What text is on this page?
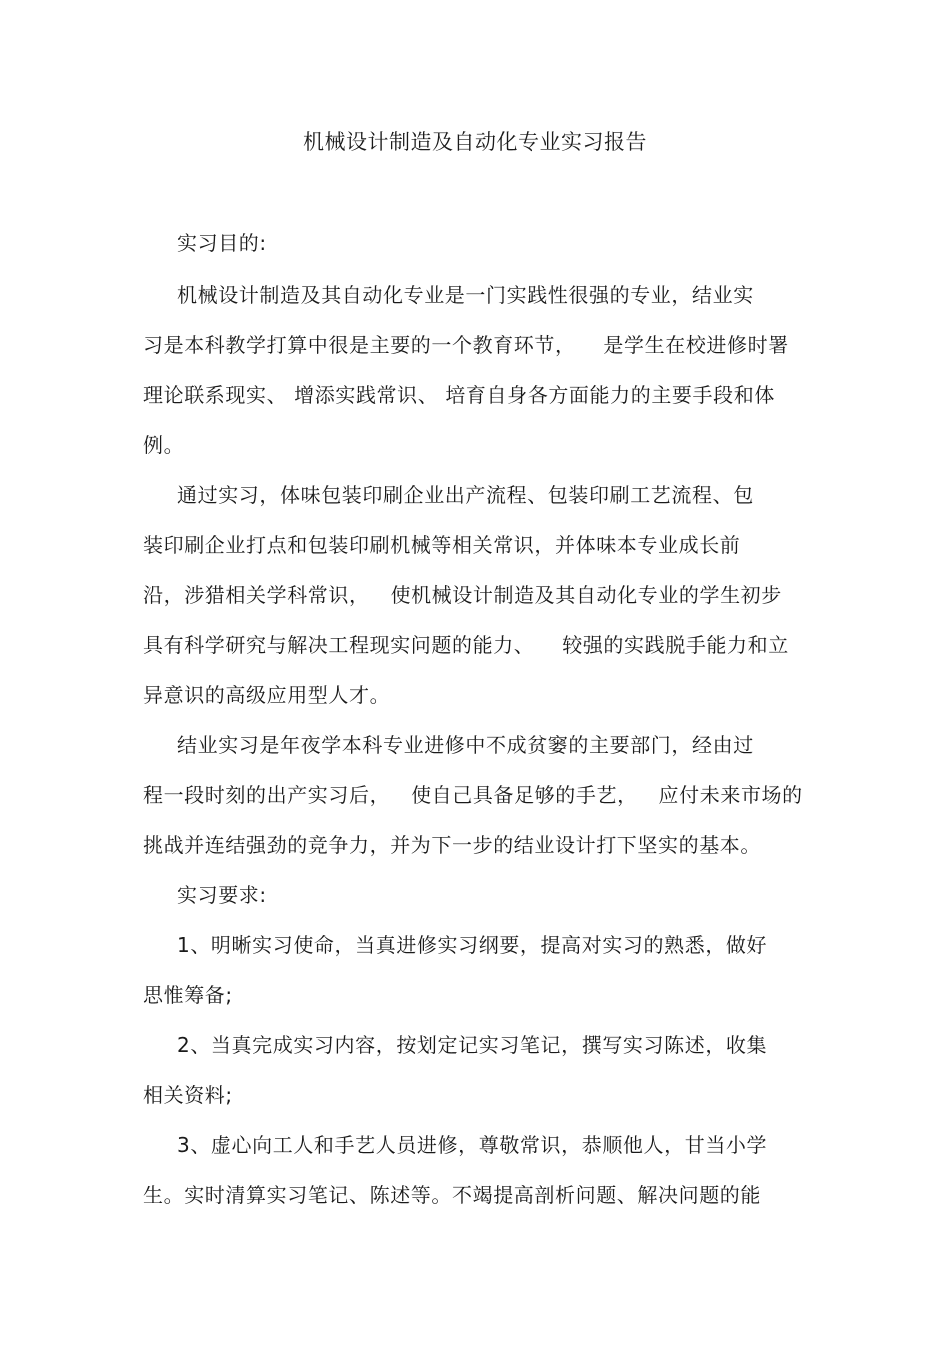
机械设计制造及自动化专业实习报告

实习目的:

机械设计制造及其自动化专业是一门实践性很强的专业，结业实

习是本科教学打算中很是主要的一个教育环节，    是学生在校进修时署

理论联系现实、 增添实践常识、 培育自身各方面能力的主要手段和体

例。

通过实习，体味包装印刷企业出产流程、包装印刷工艺流程、包

装印刷企业打点和包装印刷机械等相关常识，并体味本专业成长前

沿，涉猎相关学科常识，   使机械设计制造及其自动化专业的学生初步

具有科学研究与解决工程现实问题的能力、    较强的实践脱手能力和立

异意识的高级应用型人才。

结业实习是年夜学本科专业进修中不成贫窭的主要部门，经由过

程一段时刻的出产实习后，   使自己具备足够的手艺，   应付未来市场的

挑战并连结强劲的竞争力，并为下一步的结业设计打下坚实的基本。

实习要求:

1、明晰实习使命，当真进修实习纲要，提高对实习的熟悉，做好

思惟筹备;

2、当真完成实习内容，按划定记实习笔记，撰写实习陈述，收集

相关资料;

3、虚心向工人和手艺人员进修，尊敬常识，恭顺他人，甘当小学

生。实时清算实习笔记、陈述等。不竭提高剖析问题、解决问题的能
